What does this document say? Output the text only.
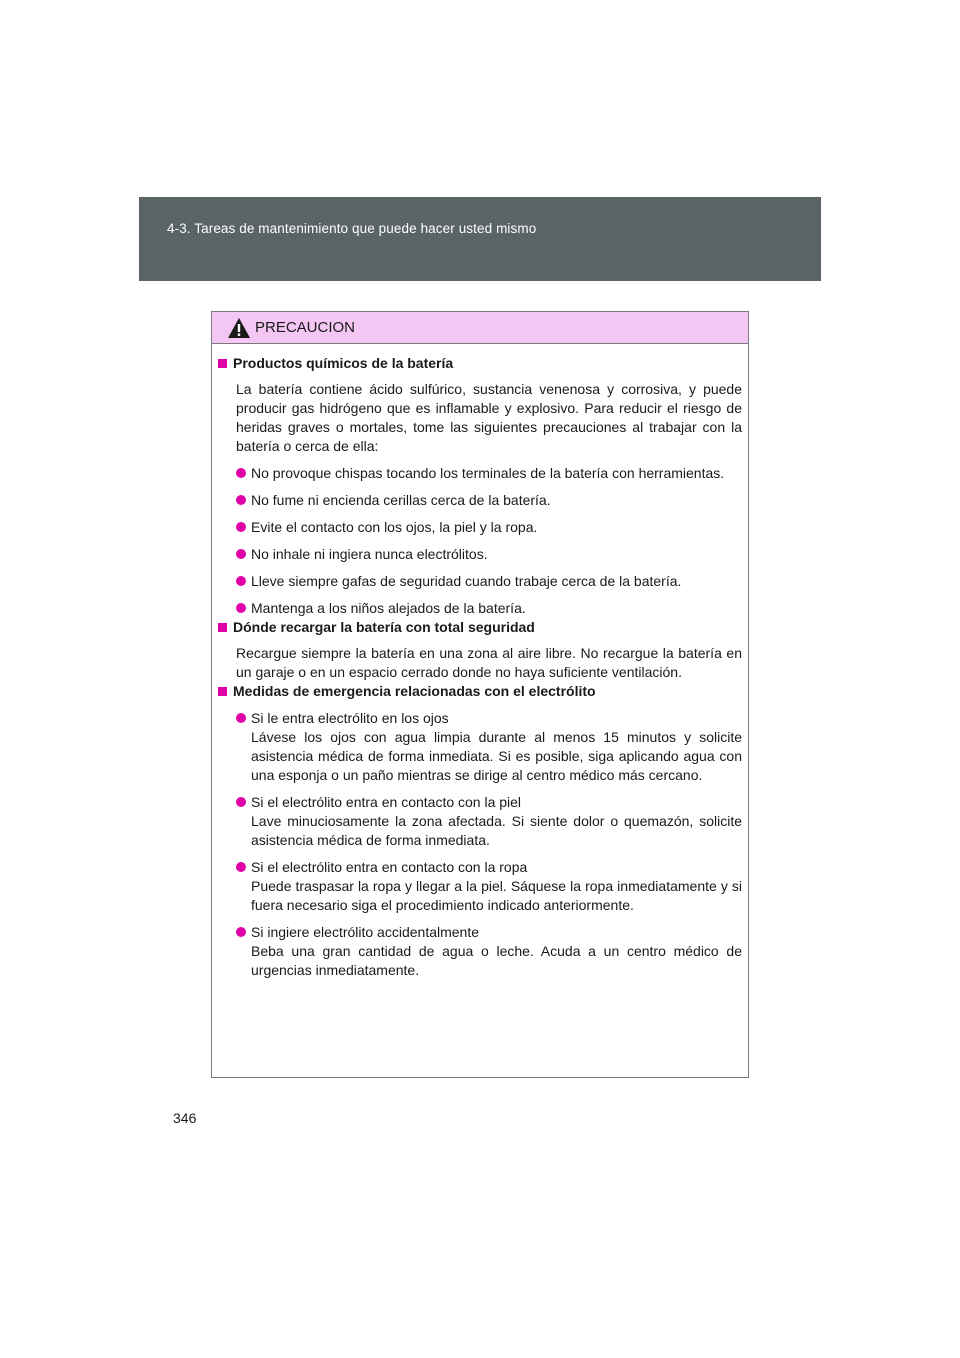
4-3. Tareas de mantenimiento que puede hacer usted mismo
PRECAUCION
Productos químicos de la batería
La batería contiene ácido sulfúrico, sustancia venenosa y corrosiva, y puede producir gas hidrógeno que es inflamable y explosivo. Para reducir el riesgo de heridas graves o mortales, tome las siguientes precauciones al trabajar con la batería o cerca de ella:
No provoque chispas tocando los terminales de la batería con herramientas.
No fume ni encienda cerillas cerca de la batería.
Evite el contacto con los ojos, la piel y la ropa.
No inhale ni ingiera nunca electrólitos.
Lleve siempre gafas de seguridad cuando trabaje cerca de la batería.
Mantenga a los niños alejados de la batería.
Dónde recargar la batería con total seguridad
Recargue siempre la batería en una zona al aire libre. No recargue la batería en un garaje o en un espacio cerrado donde no haya suficiente ventilación.
Medidas de emergencia relacionadas con el electrólito
Si le entra electrólito en los ojos
Lávese los ojos con agua limpia durante al menos 15 minutos y solicite asistencia médica de forma inmediata. Si es posible, siga aplicando agua con una esponja o un paño mientras se dirige al centro médico más cercano.
Si el electrólito entra en contacto con la piel
Lave minuciosamente la zona afectada. Si siente dolor o quemazón, solicite asistencia médica de forma inmediata.
Si el electrólito entra en contacto con la ropa
Puede traspasar la ropa y llegar a la piel. Sáquese la ropa inmediatamente y si fuera necesario siga el procedimiento indicado anteriormente.
Si ingiere electrólito accidentalmente
Beba una gran cantidad de agua o leche. Acuda a un centro médico de urgencias inmediatamente.
346
